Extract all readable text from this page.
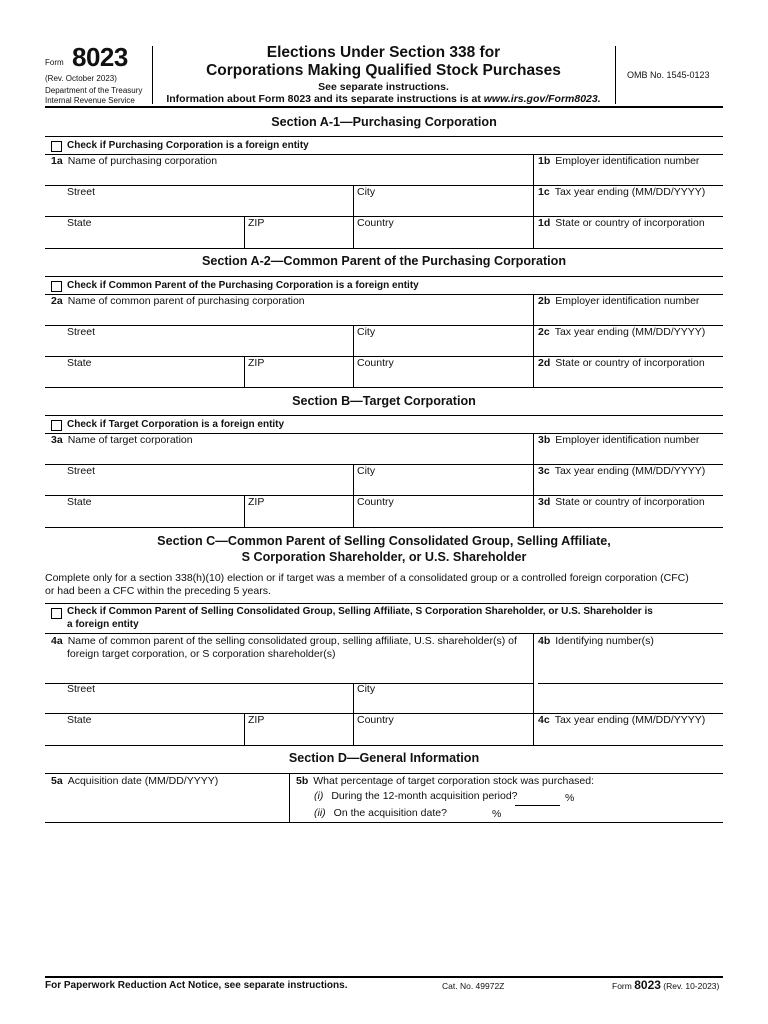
Form 8023
(Rev. October 2023)
Department of the Treasury
Internal Revenue Service
Elections Under Section 338 for
Corporations Making Qualified Stock Purchases
See separate instructions.
Information about Form 8023 and its separate instructions is at www.irs.gov/Form8023.
OMB No. 1545-0123
Section A-1—Purchasing Corporation
Check if Purchasing Corporation is a foreign entity
1a Name of purchasing corporation	1b Employer identification number
Street	City	1c Tax year ending (MM/DD/YYYY)
State	ZIP	Country	1d State or country of incorporation
Section A-2—Common Parent of the Purchasing Corporation
Check if Common Parent of the Purchasing Corporation is a foreign entity
2a Name of common parent of purchasing corporation	2b Employer identification number
Street	City	2c Tax year ending (MM/DD/YYYY)
State	ZIP	Country	2d State or country of incorporation
Section B—Target Corporation
Check if Target Corporation is a foreign entity
3a Name of target corporation	3b Employer identification number
Street	City	3c Tax year ending (MM/DD/YYYY)
State	ZIP	Country	3d State or country of incorporation
Section C—Common Parent of Selling Consolidated Group, Selling Affiliate,
S Corporation Shareholder, or U.S. Shareholder
Complete only for a section 338(h)(10) election or if target was a member of a consolidated group or a controlled foreign corporation (CFC)
or had been a CFC within the preceding 5 years.
Check if Common Parent of Selling Consolidated Group, Selling Affiliate, S Corporation Shareholder, or U.S. Shareholder is
a foreign entity
4a Name of common parent of the selling consolidated group, selling affiliate, U.S. shareholder(s) of
foreign target corporation, or S corporation shareholder(s)
4b Identifying number(s)
Street	City
State	ZIP	Country	4c Tax year ending (MM/DD/YYYY)
Section D—General Information
5a Acquisition date (MM/DD/YYYY)	5b What percentage of target corporation stock was purchased:
(i) During the 12-month acquisition period?	%
(ii) On the acquisition date?	%
For Paperwork Reduction Act Notice, see separate instructions.	Cat. No. 49972Z	Form 8023 (Rev. 10-2023)
